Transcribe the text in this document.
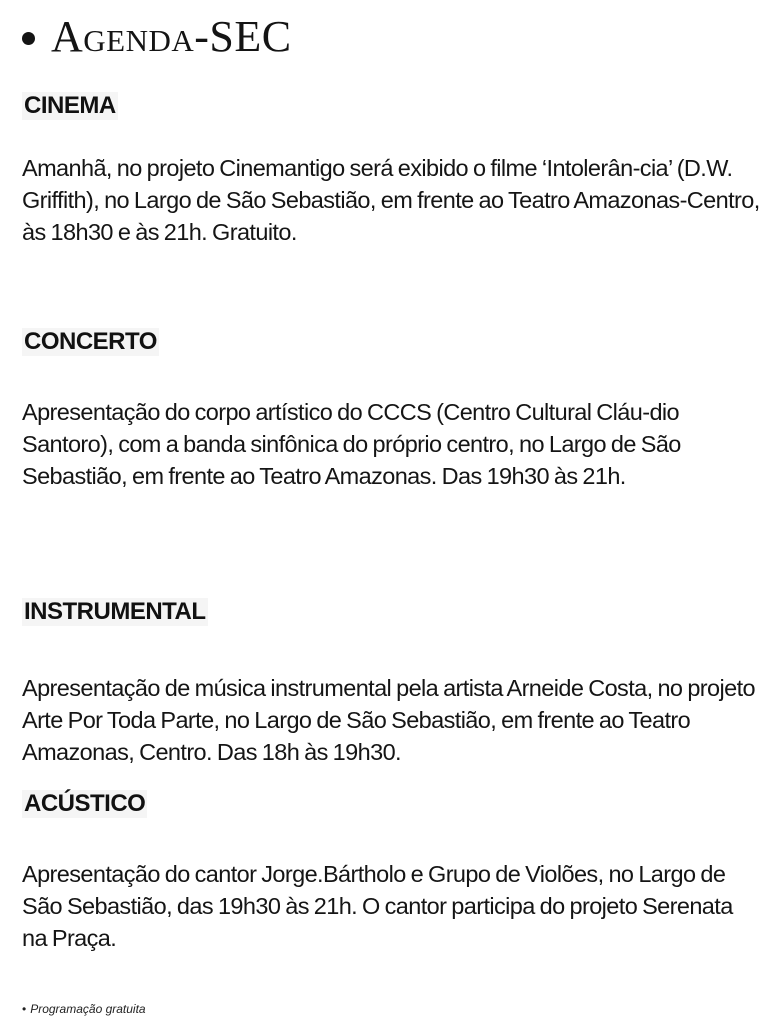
Agenda-SEC
CINEMA

Amanhã, no projeto Cinemantigo será exibido o filme ‘Intolerân-cia’ (D.W. Griffith), no Largo de São Sebastião, em frente ao Teatro Amazonas-Centro, às 18h30 e às 21h. Gratuito.

CONCERTO

Apresentação do corpo artístico do CCCS (Centro Cultural Cláu-dio Santoro), com a banda sinfônica do próprio centro, no Largo de São Sebastião, em frente ao Teatro Amazonas. Das 19h30 às 21h.

INSTRUMENTAL

Apresentação de música instrumental pela artista Arneide Costa, no projeto Arte Por Toda Parte, no Largo de São Sebastião, em frente ao Teatro Amazonas, Centro. Das 18h às 19h30.

ACÚSTICO

Apresentação do cantor Jorge.Bártholo e Grupo de Violões, no Largo de São Sebastião, das 19h30 às 21h. O cantor participa do projeto Serenata na Praça.

• Programação gratuita
